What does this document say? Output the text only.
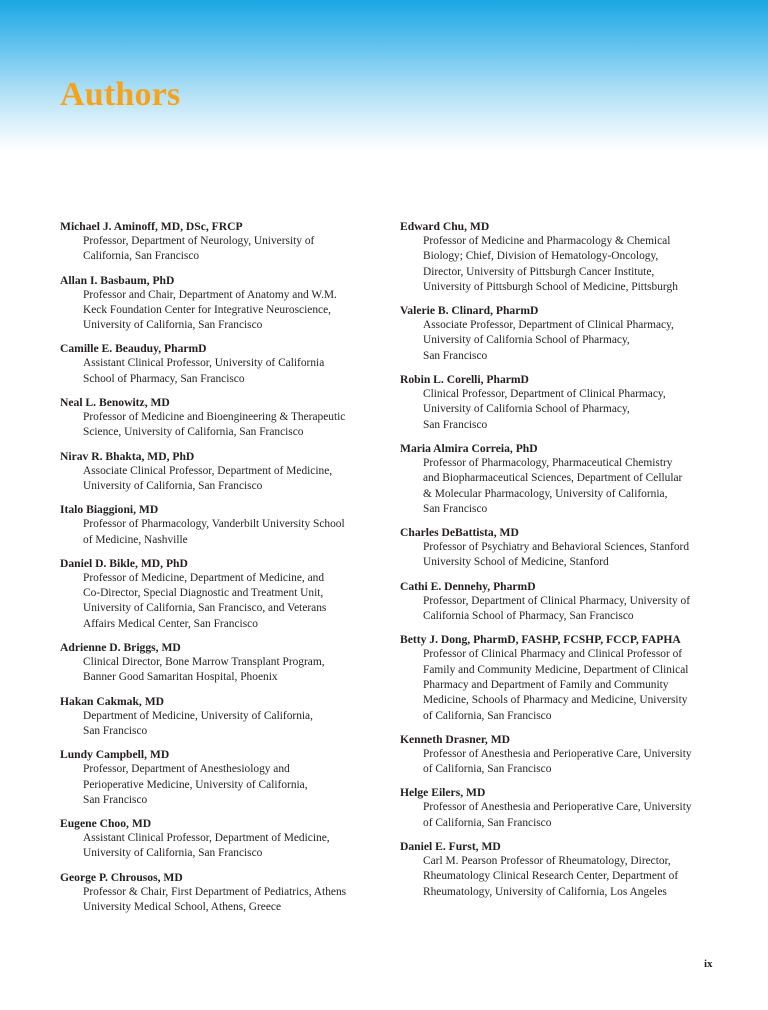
Authors

Michael J. Aminoff, MD, DSc, FRCP

Professor, Department of Neurology, University of

California, San Francisco

Allan I. Basbaum, PhD

Professor and Chair, Department of Anatomy and W.M.

Keck Foundation Center for Integrative Neuroscience,

University of California, San Francisco

Camille E. Beauduy, PharmD

Assistant Clinical Professor, University of California

School of Pharmacy, San Francisco

Neal L. Benowitz, MD

Professor of Medicine and Bioengineering & Therapeutic

Science, University of California, San Francisco

Nirav R. Bhakta, MD, PhD

Associate Clinical Professor, Department of Medicine,

University of California, San Francisco

Italo Biaggioni, MD

Professor of Pharmacology, Vanderbilt University School

of Medicine, Nashville

Daniel D. Bikle, MD, PhD

Professor of Medicine, Department of Medicine, and

Co-Director, Special Diagnostic and Treatment Unit,

University of California, San Francisco, and Veterans

Affairs Medical Center, San Francisco

Adrienne D. Briggs, MD

Clinical Director, Bone Marrow Transplant Program,

Banner Good Samaritan Hospital, Phoenix

Hakan Cakmak, MD

Department of Medicine, University of California,

San Francisco

Lundy Campbell, MD

Professor, Department of Anesthesiology and

Perioperative Medicine, University of California,

San Francisco

Eugene Choo, MD

Assistant Clinical Professor, Department of Medicine,

University of California, San Francisco

George P. Chrousos, MD

Professor & Chair, First Department of Pediatrics, Athens

University Medical School, Athens, Greece

Edward Chu, MD

Professor of Medicine and Pharmacology & Chemical

Biology; Chief, Division of Hematology-Oncology,

Director, University of Pittsburgh Cancer Institute,

University of Pittsburgh School of Medicine, Pittsburgh

Valerie B. Clinard, PharmD

Associate Professor, Department of Clinical Pharmacy,

University of California School of Pharmacy,

San Francisco

Robin L. Corelli, PharmD

Clinical Professor, Department of Clinical Pharmacy,

University of California School of Pharmacy,

San Francisco

Maria Almira Correia, PhD

Professor of Pharmacology, Pharmaceutical Chemistry

and Biopharmaceutical Sciences, Department of Cellular

& Molecular Pharmacology, University of California,

San Francisco

Charles DeBattista, MD

Professor of Psychiatry and Behavioral Sciences, Stanford

University School of Medicine, Stanford

Cathi E. Dennehy, PharmD

Professor, Department of Clinical Pharmacy, University of

California School of Pharmacy, San Francisco

Betty J. Dong, PharmD, FASHP, FCSHP, FCCP, FAPHA

Professor of Clinical Pharmacy and Clinical Professor of

Family and Community Medicine, Department of Clinical

Pharmacy and Department of Family and Community

Medicine, Schools of Pharmacy and Medicine, University

of California, San Francisco

Kenneth Drasner, MD

Professor of Anesthesia and Perioperative Care, University

of California, San Francisco

Helge Eilers, MD

Professor of Anesthesia and Perioperative Care, University

of California, San Francisco

Daniel E. Furst, MD

Carl M. Pearson Professor of Rheumatology, Director,

Rheumatology Clinical Research Center, Department of

Rheumatology, University of California, Los Angeles

ix
